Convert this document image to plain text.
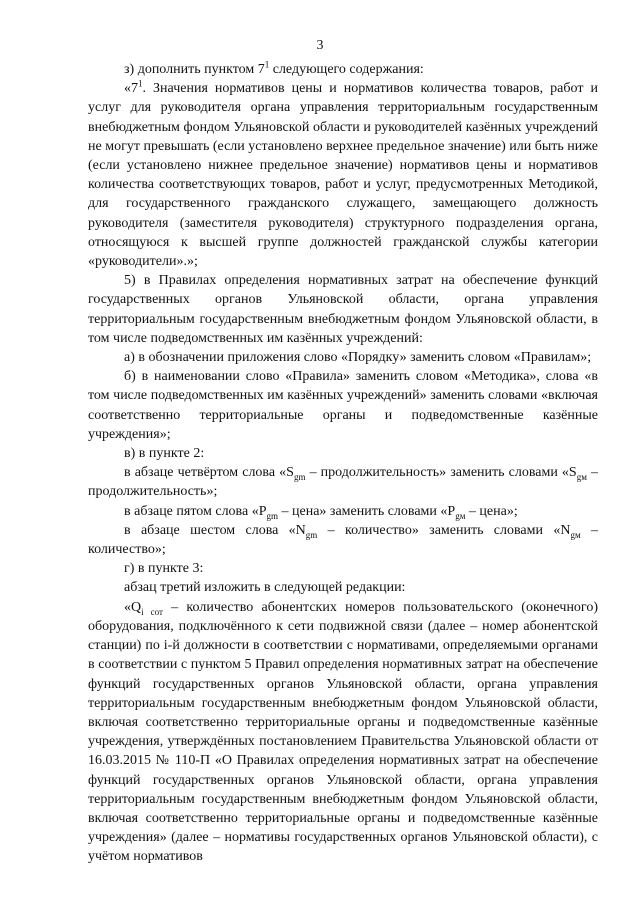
3

з) дополнить пунктом $7^1$ следующего содержания:

«$7^1$. Значения нормативов цены и нормативов количества товаров, работ и услуг для руководителя органа управления территориальным государственным внебюджетным фондом Ульяновской области и руководителей казённых учреждений не могут превышать (если установлено верхнее предельное значение) или быть ниже (если установлено нижнее предельное значение) нормативов цены и нормативов количества соответствующих товаров, работ и услуг, предусмотренных Методикой, для государственного гражданского служащего, замещающего должность руководителя (заместителя руководителя) структурного подразделения органа, относящуюся к высшей группе должностей гражданской службы категории «руководители».»;

5) в Правилах определения нормативных затрат на обеспечение функций государственных органов Ульяновской области, органа управления территориальным государственным внебюджетным фондом Ульяновской области, в том числе подведомственных им казённых учреждений:

а) в обозначении приложения слово «Порядку» заменить словом «Правилам»;

б) в наименовании слово «Правила» заменить словом «Методика», слова «в том числе подведомственных им казённых учреждений» заменить словами «включая соответственно территориальные органы и подведомственные казённые учреждения»;

в) в пункте 2:

в абзаце четвёртом слова «$S_{gm}$ – продолжительность» заменить словами «$S_{gм}$ – продолжительность»;

в абзаце пятом слова «$P_{gm}$ – цена» заменить словами «$P_{gм}$ – цена»;

в абзаце шестом слова «$N_{gm}$ – количество» заменить словами «$N_{gм}$ – количество»;

г) в пункте 3:

абзац третий изложить в следующей редакции:

«$Q_{i сот}$ – количество абонентских номеров пользовательского (оконечного) оборудования, подключённого к сети подвижной связи (далее – номер абонентской станции) по i-й должности в соответствии с нормативами, определяемыми органами в соответствии с пунктом 5 Правил определения нормативных затрат на обеспечение функций государственных органов Ульяновской области, органа управления территориальным государственным внебюджетным фондом Ульяновской области, включая соответственно территориальные органы и подведомственные казённые учреждения, утверждённых постановлением Правительства Ульяновской области от 16.03.2015 № 110-П «О Правилах определения нормативных затрат на обеспечение функций государственных органов Ульяновской области, органа управления территориальным государственным внебюджетным фондом Ульяновской области, включая соответственно территориальные органы и подведомственные казённые учреждения» (далее – нормативы государственных органов Ульяновской области), с учётом нормативов
